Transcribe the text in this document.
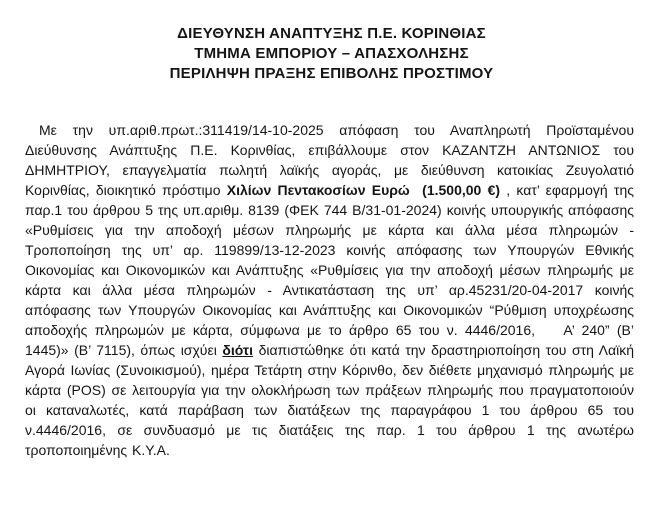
ΔΙΕΥΘΥΝΣΗ ΑΝΑΠΤΥΞΗΣ Π.Ε. ΚΟΡΙΝΘΙΑΣ
ΤΜΗΜΑ ΕΜΠΟΡΙΟΥ – ΑΠΑΣΧΟΛΗΣΗΣ
ΠΕΡΙΛΗΨΗ ΠΡΑΞΗΣ ΕΠΙΒΟΛΗΣ ΠΡΟΣΤΙΜΟΥ

Με την υπ.αριθ.πρωτ.:311419/14-10-2025 απόφαση του Αναπληρωτή Προϊσταμένου Διεύθυνσης Ανάπτυξης Π.Ε. Κορινθίας, επιβάλλουμε στον ΚΑΖΑΝΤΖΗ ΑΝΤΩΝΙΟΣ του ΔΗΜΗΤΡΙΟΥ, επαγγελματία πωλητή λαϊκής αγοράς, με διεύθυνση κατοικίας Ζευγολατιό Κορινθίας, διοικητικό πρόστιμο Χιλίων Πεντακοσίων Ευρώ  (1.500,00 €) , κατ’ εφαρμογή της παρ.1 του άρθρου 5 της υπ.αριθμ. 8139 (ΦΕΚ 744 Β/31-01-2024) κοινής υπουργικής απόφασης «Ρυθμίσεις για την αποδοχή μέσων πληρωμής με κάρτα και άλλα μέσα πληρωμών - Τροποποίηση της υπ’ αρ. 119899/13-12-2023 κοινής απόφασης των Υπουργών Εθνικής Οικονομίας και Οικονομικών και Ανάπτυξης «Ρυθμίσεις για την αποδοχή μέσων πληρωμής με κάρτα και άλλα μέσα πληρωμών - Αντικατάσταση της υπ’ αρ.45231/20-04-2017 κοινής απόφασης των Υπουργών Οικονομίας και Ανάπτυξης και Οικονομικών “Ρύθμιση υποχρέωσης αποδοχής πληρωμών με κάρτα, σύμφωνα με το άρθρο 65 του ν. 4446/2016,    Α’ 240” (Β’ 1445)» (Β’ 7115), όπως ισχύει διότι διαπιστώθηκε ότι κατά την δραστηριοποίηση του στη Λαϊκή Αγορά Ιωνίας (Συνοικισμού), ημέρα Τετάρτη στην Κόρινθο, δεν διέθετε μηχανισμό πληρωμής με κάρτα (POS) σε λειτουργία για την ολοκλήρωση των πράξεων πληρωμής που πραγματοποιούν οι καταναλωτές, κατά παράβαση των διατάξεων της παραγράφου 1 του άρθρου 65 του ν.4446/2016, σε συνδυασμό με τις διατάξεις της παρ. 1 του άρθρου 1 της ανωτέρω τροποποιημένης Κ.Υ.Α.
